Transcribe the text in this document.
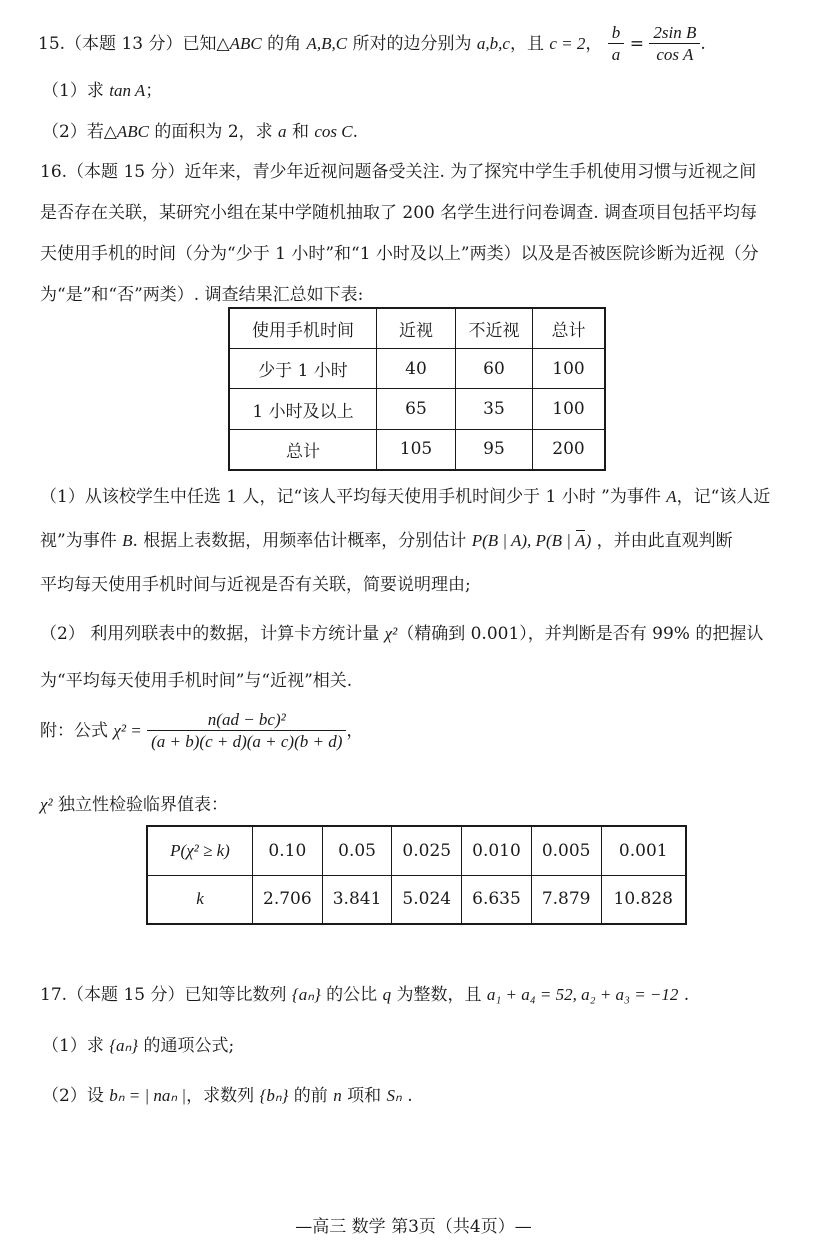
15.（本题 13 分）已知△ABC 的角 A,B,C 所对的边分别为 a,b,c，且 c = 2， $\frac{b}{a} = \frac{\text{2sin B}}{\text{cos A}}$ .
（1）求 tan A；
（2）若△ABC 的面积为 2，求 a 和 cos C.
16.（本题 15 分）近年来，青少年近视问题备受关注. 为了探究中学生手机使用习惯与近视之间
是否存在关联，某研究小组在某中学随机抽取了 200 名学生进行问卷调查. 调查项目包括平均每
天使用手机的时间（分为“少于 1 小时”和“1 小时及以上”两类）以及是否被医院诊断为近视（分
为“是”和“否”两类）. 调查结果汇总如下表:
使用手机时间	近视	不近视	总计
少于 1 小时	40	60	100
1 小时及以上	65	35	100
总计	105	95	200
（1）从该校学生中任选 1 人，记“该人平均每天使用手机时间少于 1 小时 ”为事件 A，记“该人近
视”为事件 B. 根据上表数据，用频率估计概率，分别估计 P(B | A), P(B | A) ，并由此直观判断
平均每天使用手机时间与近视是否有关联，简要说明理由;
（2） 利用列联表中的数据，计算卡方统计量 χ²（精确到 0.001），并判断是否有 99% 的把握认
为“平均每天使用手机时间”与“近视”相关.
附：公式 $\chi^2 = \frac{\text{n(ad − bc)²}}{(a + b)(c + d)(a + c)(b + d)}$ ，
χ² 独立性检验临界值表：
P(χ² ≥ k)	0.10	0.05	0.025	0.010	0.005	0.001
k	2.706	3.841	5.024	6.635	7.879	10.828
17.（本题 15 分）已知等比数列 {aₙ} 的公比 q 为整数，且 a₁ + a₄ = 52, a₂ + a₃ = −12 .
（1）求 {aₙ} 的通项公式;
（2）设 bₙ = | naₙ |，求数列 {bₙ} 的前 n 项和 Sₙ .
—高三 数学 第3页（共4页）—
